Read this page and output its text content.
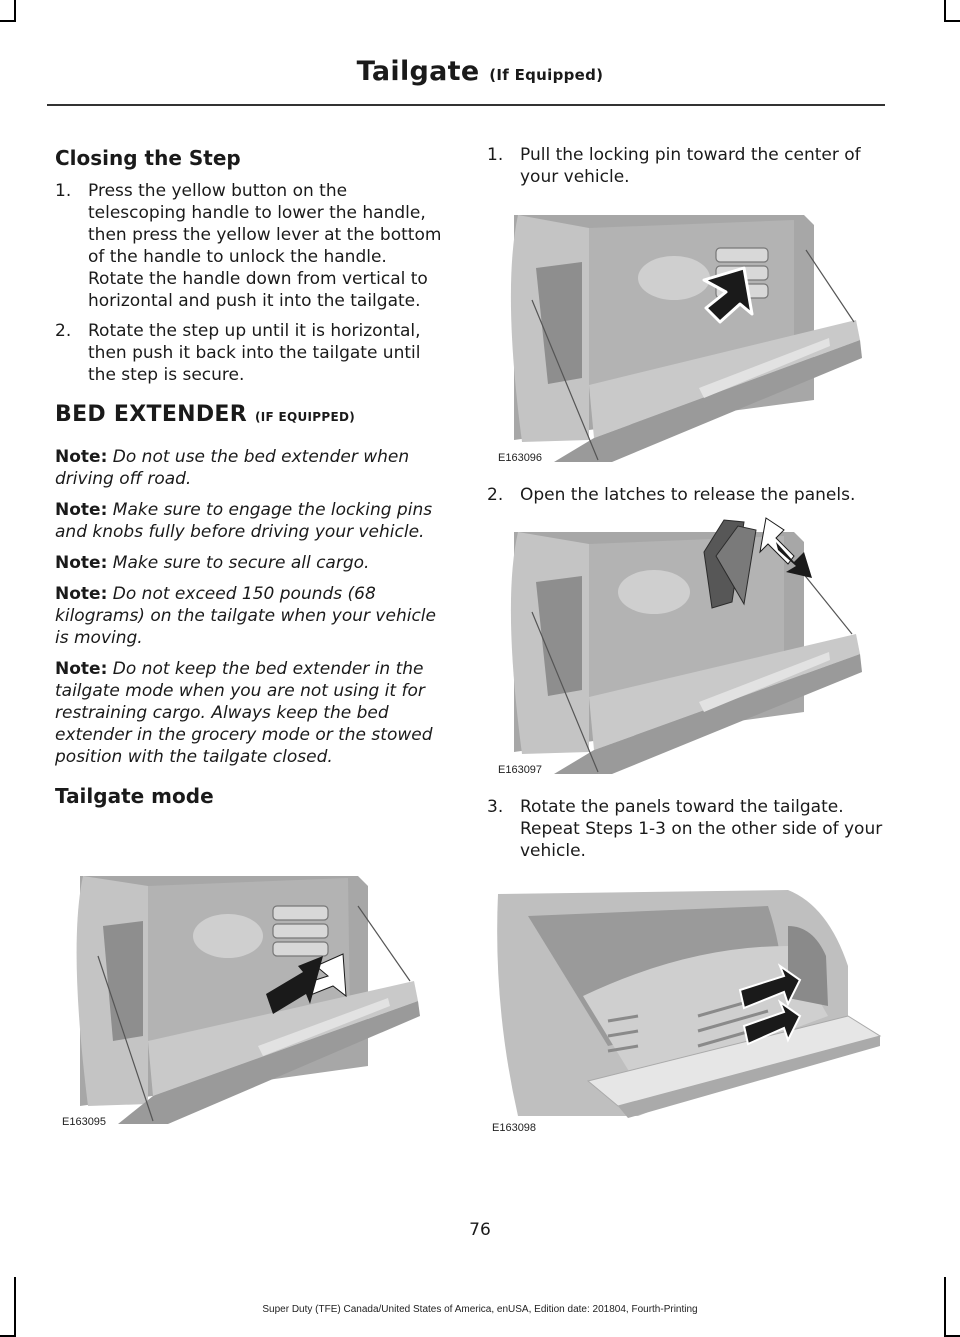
Tailgate (If Equipped)
Closing the Step
1. Press the yellow button on the telescoping handle to lower the handle, then press the yellow lever at the bottom of the handle to unlock the handle. Rotate the handle down from vertical to horizontal and push it into the tailgate.
2. Rotate the step up until it is horizontal, then push it back into the tailgate until the step is secure.
BED EXTENDER (IF EQUIPPED)

Note: Do not use the bed extender when driving off road.

Note: Make sure to engage the locking pins and knobs fully before driving your vehicle.

Note: Make sure to secure all cargo.

Note: Do not exceed 150 pounds (68 kilograms) on the tailgate when your vehicle is moving.

Note: Do not keep the bed extender in the tailgate mode when you are not using it for restraining cargo. Always keep the bed extender in the grocery mode or the stowed position with the tailgate closed.

Tailgate mode
E163095
1. Pull the locking pin toward the center of your vehicle.
E163096
2. Open the latches to release the panels.
E163097
3. Rotate the panels toward the tailgate. Repeat Steps 1-3 on the other side of your vehicle.
E163098
76
Super Duty (TFE) Canada/United States of America, enUSA, Edition date: 201804, Fourth-Printing
